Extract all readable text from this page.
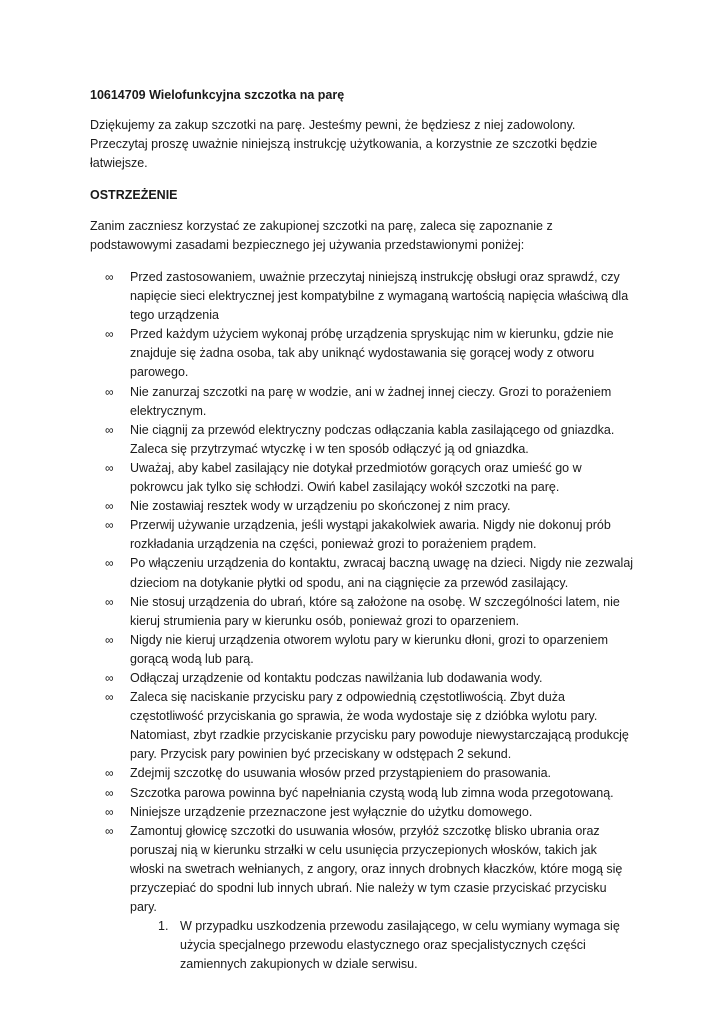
10614709 Wielofunkcyjna szczotka na parę

Dziękujemy za zakup szczotki na parę. Jesteśmy pewni, że będziesz z niej zadowolony. Przeczytaj proszę uważnie niniejszą instrukcję użytkowania, a korzystnie ze szczotki będzie łatwiejsze.

OSTRZEŻENIE

Zanim zaczniesz korzystać ze zakupionej szczotki na parę, zaleca się zapoznanie z podstawowymi zasadami bezpiecznego jej używania przedstawionymi poniżej:

∞ Przed zastosowaniem, uważnie przeczytaj niniejszą instrukcję obsługi oraz sprawdź, czy napięcie sieci elektrycznej jest kompatybilne z wymaganą wartością napięcia właściwą dla tego urządzenia
∞ Przed każdym użyciem wykonaj próbę urządzenia spryskując nim w kierunku, gdzie nie znajduje się żadna osoba, tak aby uniknąć wydostawania się gorącej wody z otworu parowego.
∞ Nie zanurzaj szczotki na parę w wodzie, ani w żadnej innej cieczy. Grozi to porażeniem elektrycznym.
∞ Nie ciągnij za przewód elektryczny podczas odłączania kabla zasilającego od gniazdka. Zaleca się przytrzymać wtyczkę i w ten sposób odłączyć ją od gniazdka.
∞ Uważaj, aby kabel zasilający nie dotykał przedmiotów gorących oraz umieść go w pokrowcu jak tylko się schłodzi. Owiń kabel zasilający wokół szczotki na parę.
∞ Nie zostawiaj resztek wody w urządzeniu po skończonej z nim pracy.
∞ Przerwij używanie urządzenia, jeśli wystąpi jakakolwiek awaria. Nigdy nie dokonuj prób rozkładania urządzenia na części, ponieważ grozi to porażeniem prądem.
∞ Po włączeniu urządzenia do kontaktu, zwracaj baczną uwagę na dzieci. Nigdy nie zezwalaj dzieciom na dotykanie płytki od spodu, ani na ciągnięcie za przewód zasilający.
∞ Nie stosuj urządzenia do ubrań, które są założone na osobę. W szczególności latem, nie kieruj strumienia pary w kierunku osób, ponieważ grozi to oparzeniem.
∞ Nigdy nie kieruj urządzenia otworem wylotu pary w kierunku dłoni, grozi to oparzeniem gorącą wodą lub parą.
∞ Odłączaj urządzenie od kontaktu podczas nawilżania lub dodawania wody.
∞ Zaleca się naciskanie przycisku pary z odpowiednią częstotliwością. Zbyt duża częstotliwość przyciskania go sprawia, że woda wydostaje się z dzióbka wylotu pary. Natomiast, zbyt rzadkie przyciskanie przycisku pary powoduje niewystarczającą produkcję pary. Przycisk pary powinien być przeciskany w odstępach 2 sekund.
∞ Zdejmij szczotkę do usuwania włosów przed przystąpieniem do prasowania.
∞ Szczotka parowa powinna być napełniania czystą wodą lub zimna woda przegotowaną.
∞ Niniejsze urządzenie przeznaczone jest wyłącznie do użytku domowego.
∞ Zamontuj głowicę szczotki do usuwania włosów, przyłóż szczotkę blisko ubrania oraz poruszaj nią w kierunku strzałki w celu usunięcia przyczepionych włosków, takich jak włoski na swetrach wełnianych, z angory, oraz innych drobnych kłaczków, które mogą się przyczepiać do spodni lub innych ubrań. Nie należy w tym czasie przyciskać przycisku pary.
1. W przypadku uszkodzenia przewodu zasilającego, w celu wymiany wymaga się użycia specjalnego przewodu elastycznego oraz specjalistycznych części zamiennych zakupionych w dziale serwisu.
